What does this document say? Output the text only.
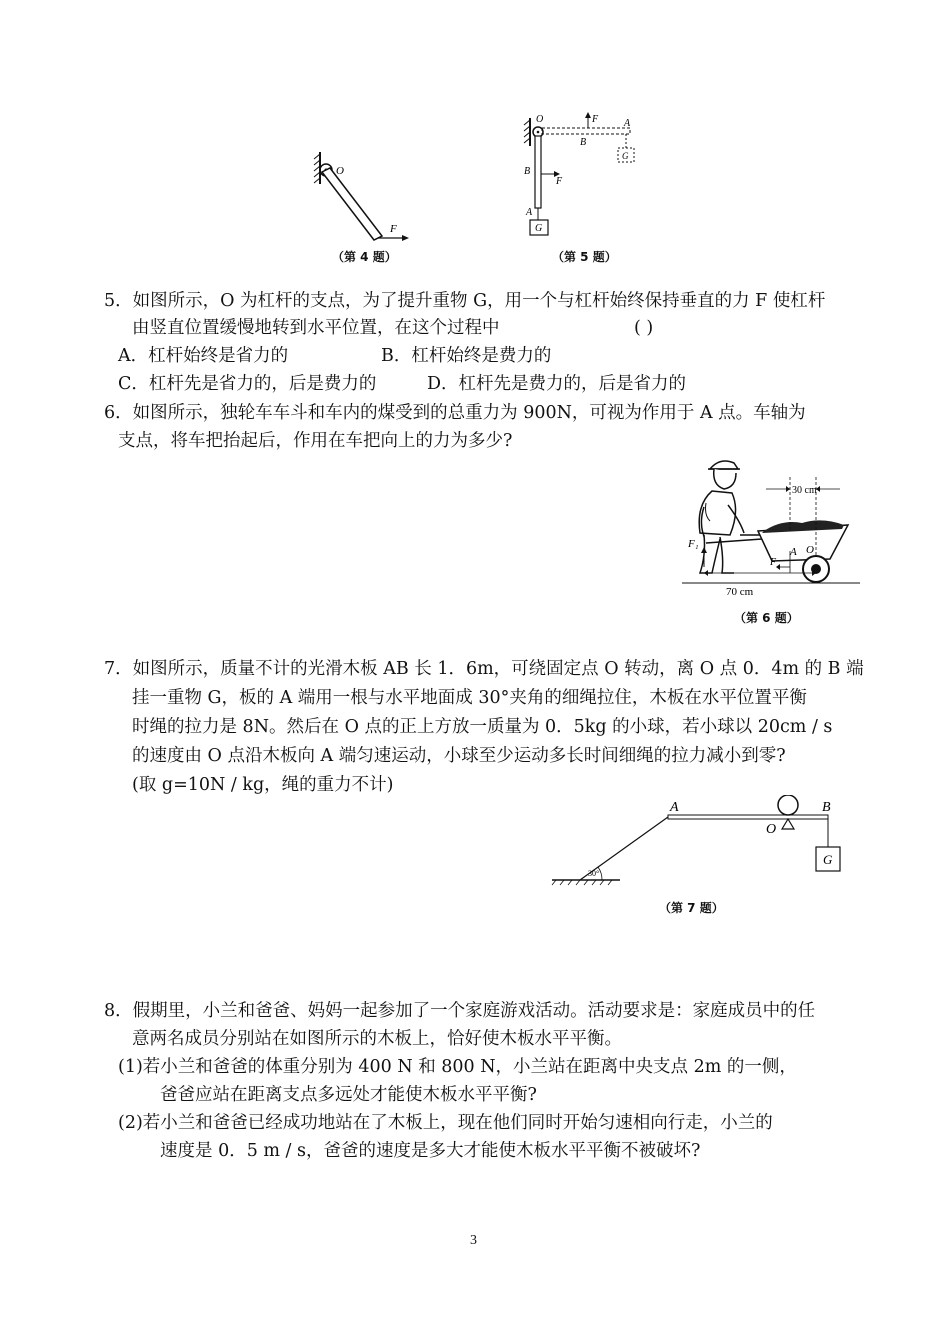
O
F
（第 4 题）
O	F	A
B
G
B
F
A
G
（第 5 题）
5．如图所示，O 为杠杆的支点，为了提升重物 G，用一个与杠杆始终保持垂直的力 F 使杠杆
由竖直位置缓慢地转到水平位置，在这个过程中	( )
A．杠杆始终是省力的	B．杠杆始终是费力的
C．杠杆先是省力的，后是费力的	D．杠杆先是费力的，后是省力的
6．如图所示，独轮车车斗和车内的煤受到的总重力为 900N，可视为作用于 A 点。车轴为
支点，将车把抬起后，作用在车把向上的力为多少?
30 cm
F₁
A O
F
70 cm
（第 6 题）
7．如图所示，质量不计的光滑木板 AB 长 1．6m，可绕固定点 O 转动，离 O 点 0．4m 的 B 端
挂一重物 G，板的 A 端用一根与水平地面成 30°夹角的细绳拉住，木板在水平位置平衡
时绳的拉力是 8N。然后在 O 点的正上方放一质量为 0．5kg 的小球，若小球以 20cm / s
的速度由 O 点沿木板向 A 端匀速运动，小球至少运动多长时间细绳的拉力减小到零?
(取 g=10N / kg，绳的重力不计)
A	B
O
G
30°
（第 7 题）
8．假期里，小兰和爸爸、妈妈一起参加了一个家庭游戏活动。活动要求是：家庭成员中的任
意两名成员分别站在如图所示的木板上，恰好使木板水平平衡。
(1)若小兰和爸爸的体重分别为 400 N 和 800 N，小兰站在距离中央支点 2m 的一侧，
爸爸应站在距离支点多远处才能使木板水平平衡?
(2)若小兰和爸爸已经成功地站在了木板上，现在他们同时开始匀速相向行走，小兰的
速度是 0．5 m / s，爸爸的速度是多大才能使木板水平平衡不被破坏?
3
